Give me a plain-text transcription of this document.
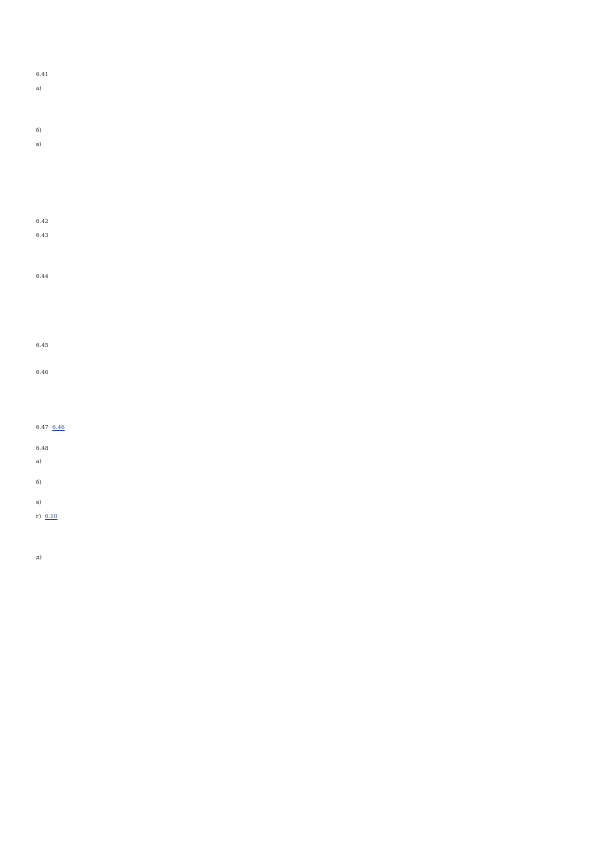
6.41

а)

б)

в)

6.42

6.43

6.44

6.45

6.46

6.47 6.46

6.48

а)

б)

в)

г) 6.10

д)
